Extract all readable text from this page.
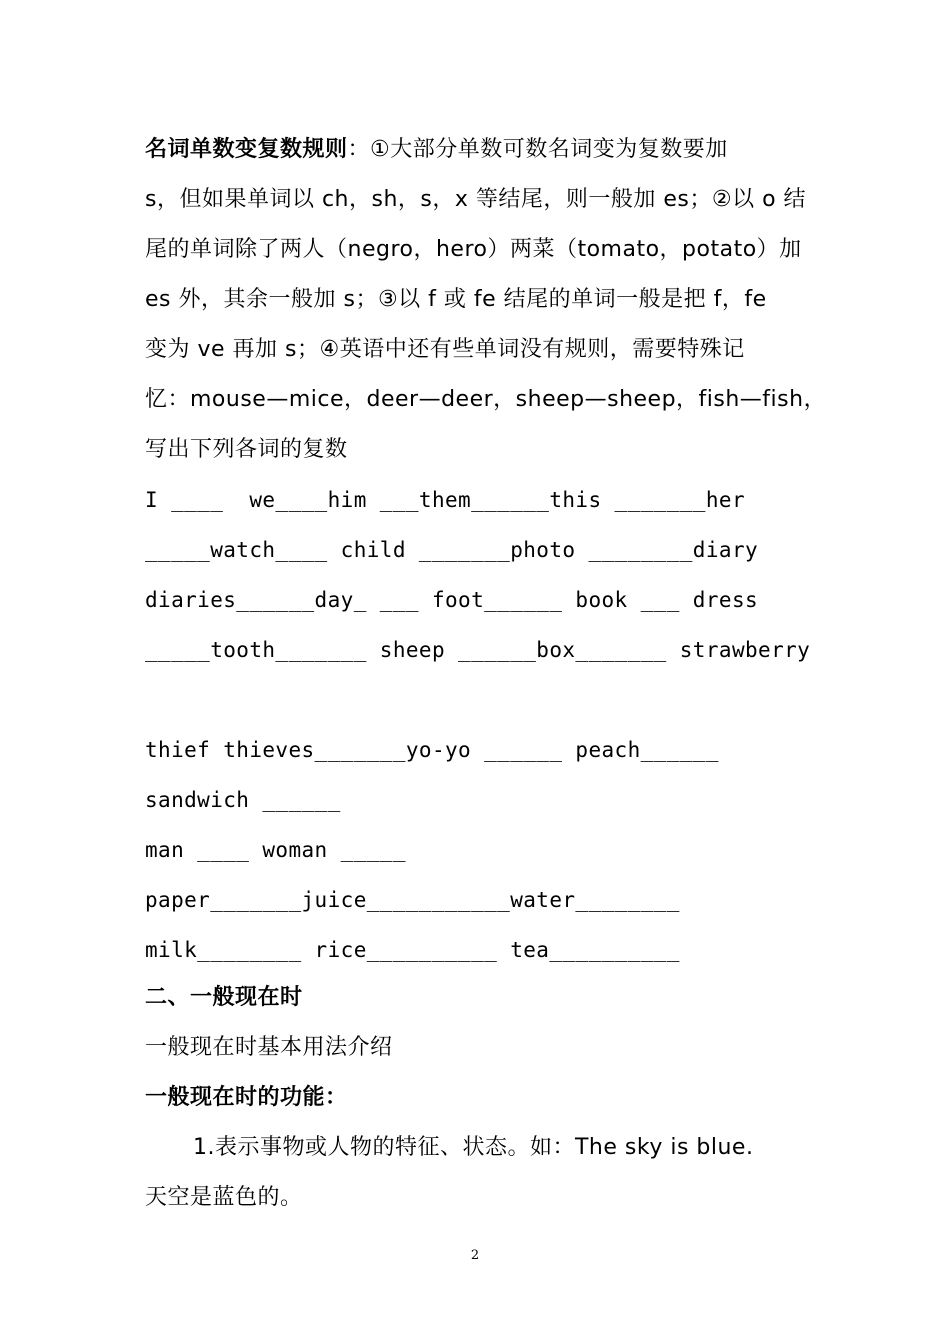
名词单数变复数规则：①大部分单数可数名词变为复数要加
s，但如果单词以 ch，sh，s，x 等结尾，则一般加 es；②以 o 结
尾的单词除了两人（negro，hero）两菜（tomato，potato）加
es 外，其余一般加 s；③以 f 或 fe 结尾的单词一般是把 f，fe
变为 ve 再加 s；④英语中还有些单词没有规则，需要特殊记
忆：mouse—mice，deer—deer，sheep—sheep，fish—fish，
写出下列各词的复数
I ____  we____him ___them______this _______her
_____watch____ child _______photo ________diary
diaries______day_ ___ foot______ book ___ dress
_____tooth_______ sheep ______box_______ strawberry
thief thieves_______yo-yo ______ peach______
sandwich ______
man ____ woman _____
paper_______juice___________water________
milk________ rice__________ tea__________
二、一般现在时
一般现在时基本用法介绍
一般现在时的功能：
1.表示事物或人物的特征、状态。如：The sky is blue.
天空是蓝色的。
2
